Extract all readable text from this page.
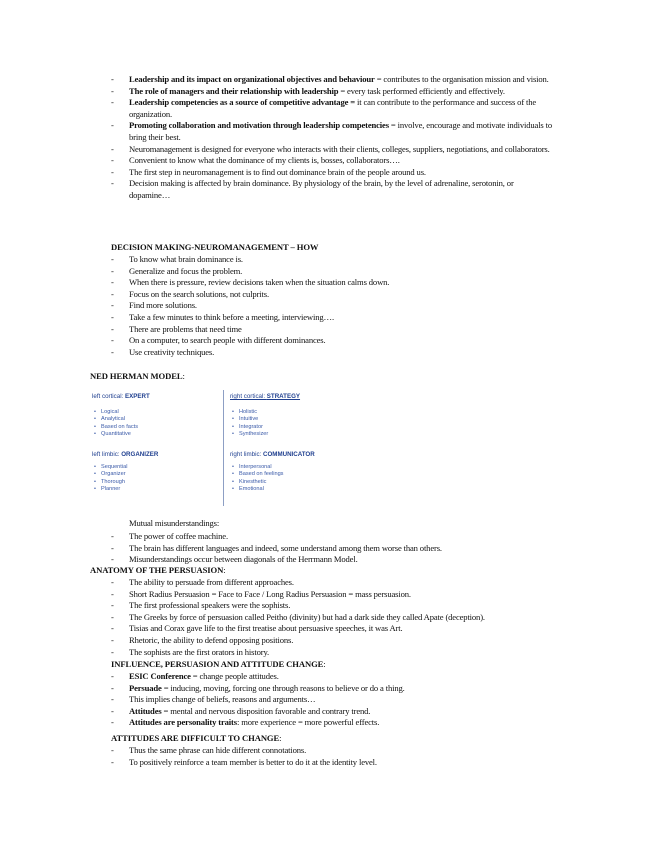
- Leadership and its impact on organizational objectives and behaviour = contributes to the organisation mission and vision.
- The role of managers and their relationship with leadership = every task performed efficiently and effectively.
- Leadership competencies as a source of competitive advantage = it can contribute to the performance and success of the organization.
- Promoting collaboration and motivation through leadership competencies = involve, encourage and motivate individuals to bring their best.
- Neuromanagement is designed for everyone who interacts with their clients, colleges, suppliers, negotiations, and collaborators.
- Convenient to know what the dominance of my clients is, bosses, collaborators….
- The first step in neuromanagement is to find out dominance brain of the people around us.
- Decision making is affected by brain dominance. By physiology of the brain, by the level of adrenaline, serotonin, or dopamine…
DECISION MAKING-NEUROMANAGEMENT – HOW
- To know what brain dominance is.
- Generalize and focus the problem.
- When there is pressure, review decisions taken when the situation calms down.
- Focus on the search solutions, not culprits.
- Find more solutions.
- Take a few minutes to think before a meeting, interviewing….
- There are problems that need time
- On a computer, to search people with different dominances.
- Use creativity techniques.
NED HERMAN MODEL:
left cortical: EXPERT
• Logical
• Analytical
• Based on facts
• Quantitative
right cortical: STRATEGY
• Holistic
• Intuitive
• Integrator
• Synthesizer
left limbic: ORGANIZER
• Sequential
• Organizer
• Thorough
• Planner
right limbic: COMMUNICATOR
• Interpersonal
• Based on feelings
• Kinesthetic
• Emotional
Mutual misunderstandings:
- The power of coffee machine.
- The brain has different languages and indeed, some understand among them worse than others.
- Misunderstandings occur between diagonals of the Herrmann Model.
ANATOMY OF THE PERSUASION:
- The ability to persuade from different approaches.
- Short Radius Persuasion = Face to Face / Long Radius Persuasion = mass persuasion.
- The first professional speakers were the sophists.
- The Greeks by force of persuasion called Peitho (divinity) but had a dark side they called Apate (deception).
- Tisias and Corax gave life to the first treatise about persuasive speeches, it was Art.
- Rhetoric, the ability to defend opposing positions.
- The sophists are the first orators in history.
INFLUENCE, PERSUASION AND ATTITUDE CHANGE:
- ESIC Conference = change people attitudes.
- Persuade = inducing, moving, forcing one through reasons to believe or do a thing.
- This implies change of beliefs, reasons and arguments…
- Attitudes = mental and nervous disposition favorable and contrary trend.
- Attitudes are personality traits: more experience = more powerful effects.
ATTITUDES ARE DIFFICULT TO CHANGE:
- Thus the same phrase can hide different connotations.
- To positively reinforce a team member is better to do it at the identity level.
